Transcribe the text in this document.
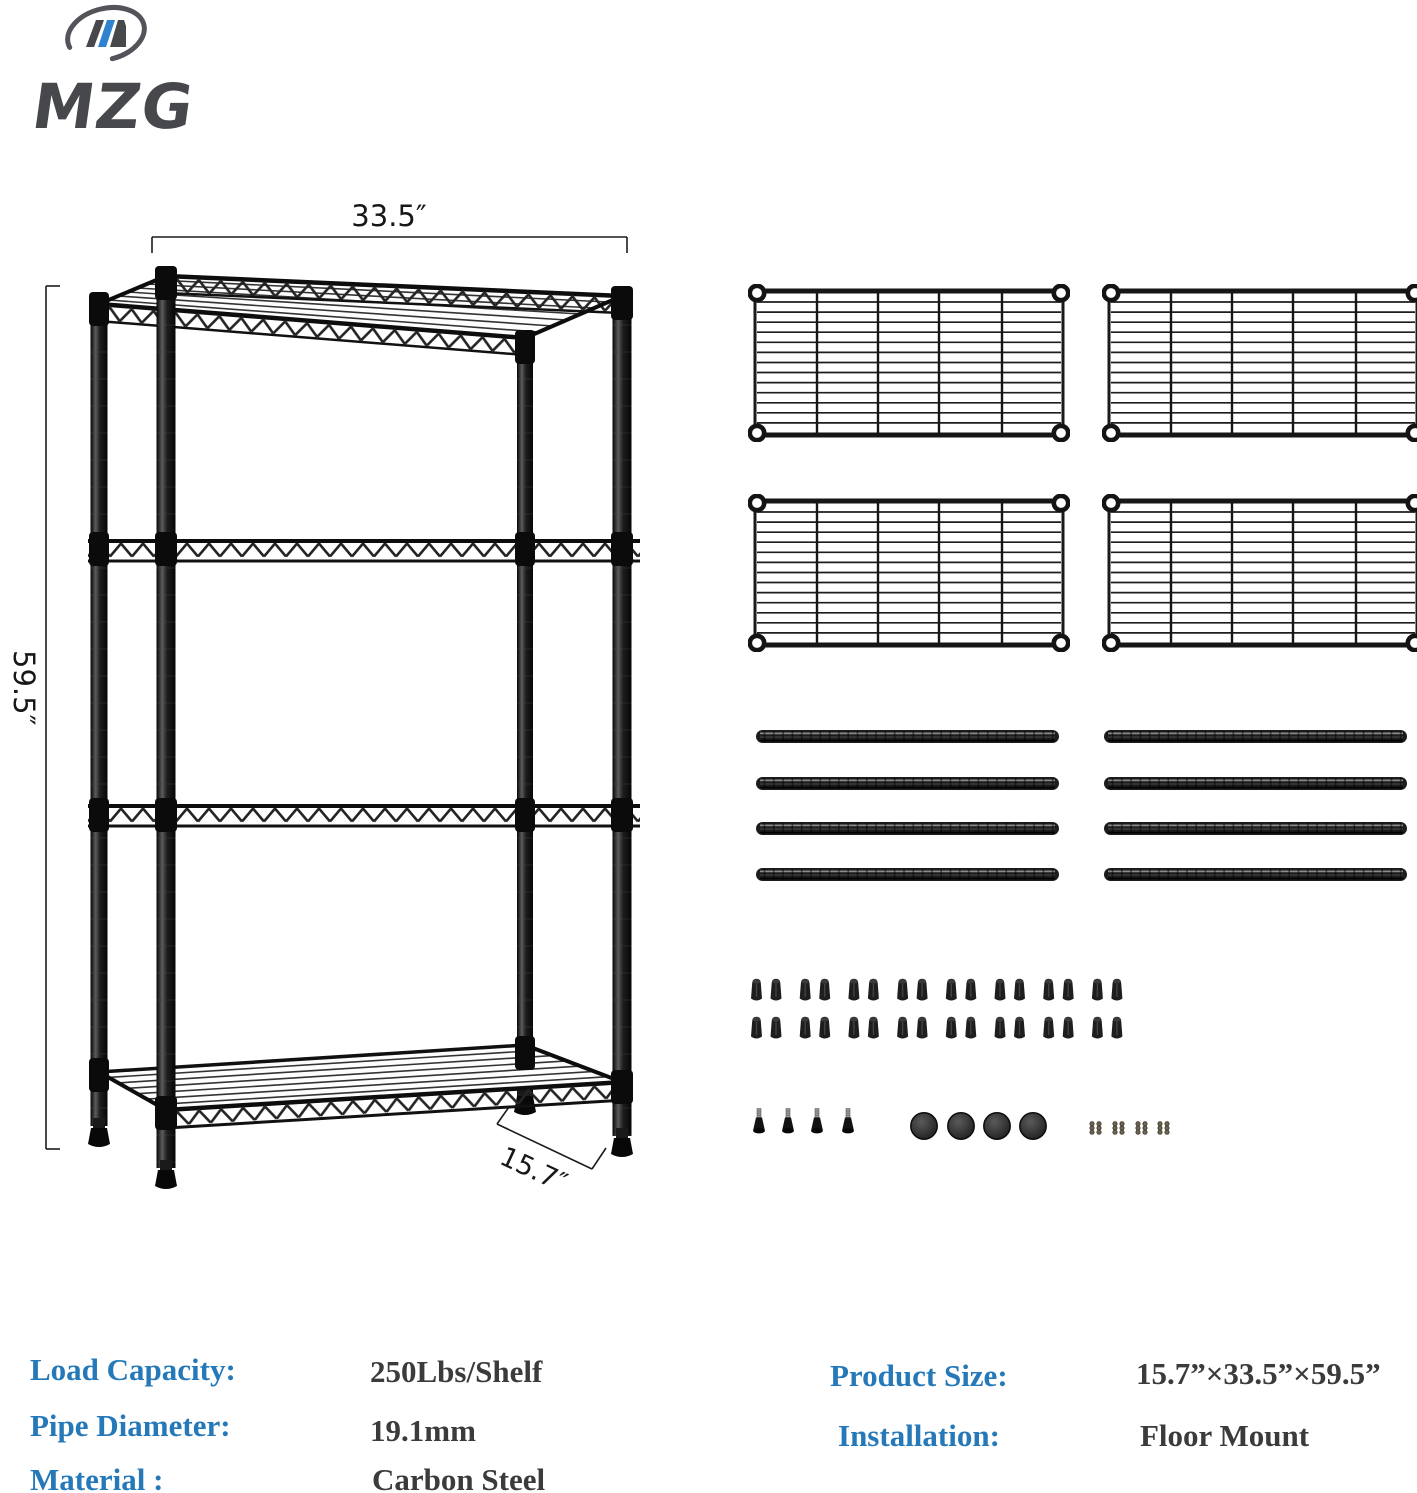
MZG
33.5″
59.5″
15.7″
Load Capacity:	250Lbs/Shelf
Pipe Diameter:	19.1mm
Material :	Carbon Steel
Product Size:	15.7”×33.5”×59.5”
Installation:	Floor Mount
